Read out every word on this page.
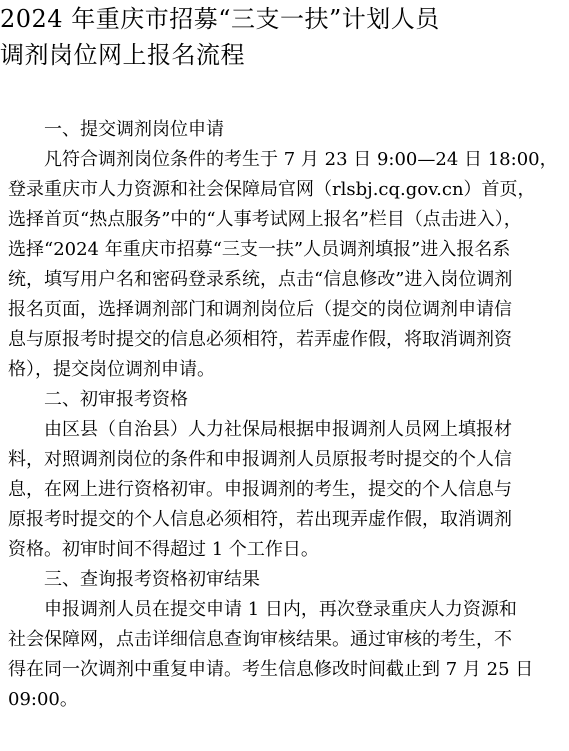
2024 年重庆市招募“三支一扶”计划人员
调剂岗位网上报名流程
一、提交调剂岗位申请
凡符合调剂岗位条件的考生于 7 月 23 日 9:00—24 日 18:00，
登录重庆市人力资源和社会保障局官网（rlsbj.cq.gov.cn）首页，
选择首页“热点服务”中的“人事考试网上报名”栏目（点击进入），
选择“2024 年重庆市招募“三支一扶”人员调剂填报”进入报名系
统，填写用户名和密码登录系统，点击“信息修改”进入岗位调剂
报名页面，选择调剂部门和调剂岗位后（提交的岗位调剂申请信
息与原报考时提交的信息必须相符，若弄虚作假，将取消调剂资
格），提交岗位调剂申请。
二、初审报考资格
由区县（自治县）人力社保局根据申报调剂人员网上填报材
料，对照调剂岗位的条件和申报调剂人员原报考时提交的个人信
息，在网上进行资格初审。申报调剂的考生，提交的个人信息与
原报考时提交的个人信息必须相符，若出现弄虚作假，取消调剂
资格。初审时间不得超过 1 个工作日。
三、查询报考资格初审结果
申报调剂人员在提交申请 1 日内，再次登录重庆人力资源和
社会保障网，点击详细信息查询审核结果。通过审核的考生，不
得在同一次调剂中重复申请。考生信息修改时间截止到 7 月 25 日
09:00。
